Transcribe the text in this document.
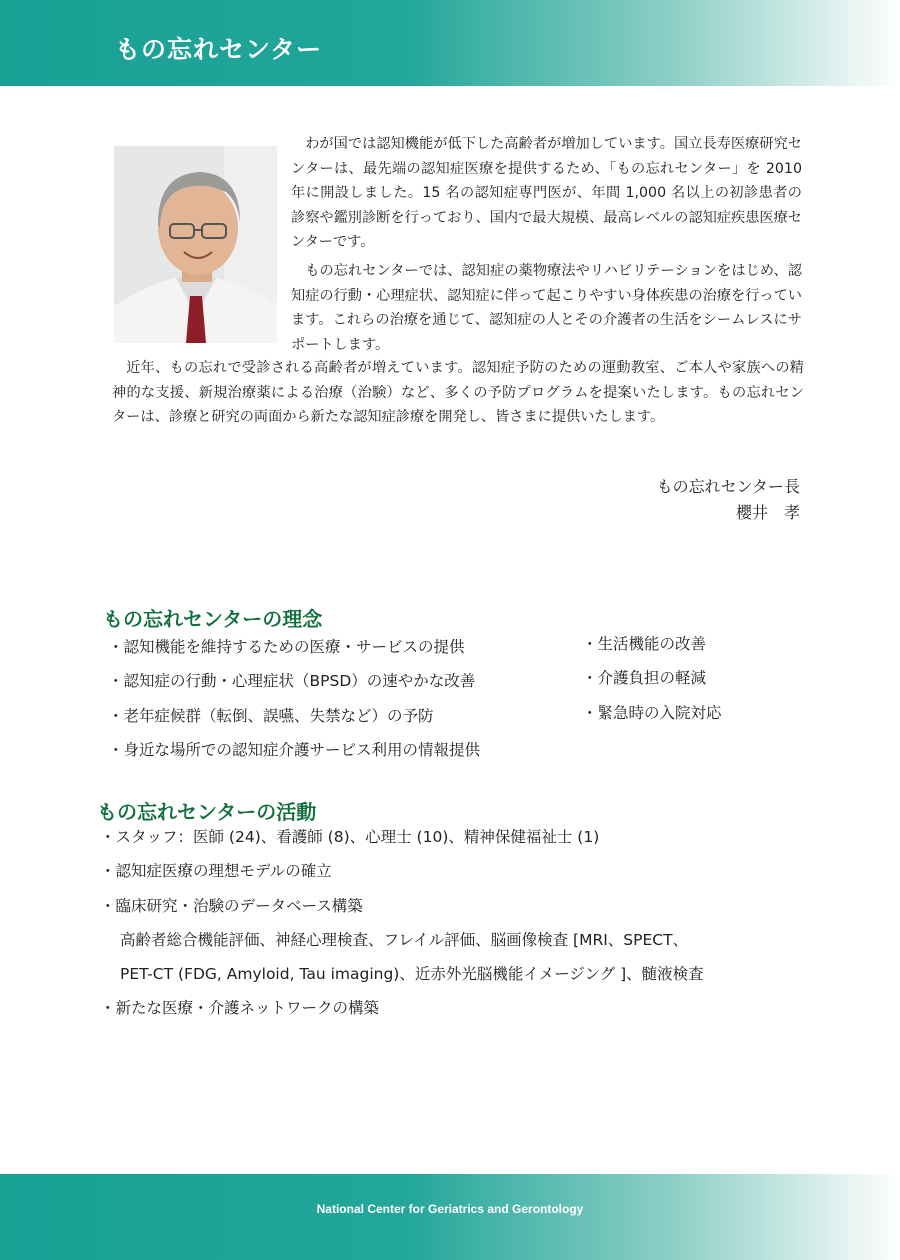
もの忘れセンター

わが国では認知機能が低下した高齢者が増加しています。国立長寿医療研究センターは、最先端の認知症医療を提供するため、「もの忘れセンター」を 2010 年に開設しました。15 名の認知症専門医が、年間 1,000 名以上の初診患者の診察や鑑別診断を行っており、国内で最大規模、最高レベルの認知症疾患医療センターです。

もの忘れセンターでは、認知症の薬物療法やリハビリテーションをはじめ、認知症の行動・心理症状、認知症に伴って起こりやすい身体疾患の治療を行っています。これらの治療を通じて、認知症の人とその介護者の生活をシームレスにサポートします。

近年、もの忘れで受診される高齢者が増えています。認知症予防のための運動教室、ご本人や家族への精神的な支援、新規治療薬による治療（治験）など、多くの予防プログラムを提案いたします。もの忘れセンターは、診療と研究の両面から新たな認知症診療を開発し、皆さまに提供いたします。

もの忘れセンター長
櫻井　孝
もの忘れセンターの理念
・認知機能を維持するための医療・サービスの提供
・認知症の行動・心理症状（BPSD）の速やかな改善
・老年症候群（転倒、誤嚥、失禁など）の予防
・身近な場所での認知症介護サービス利用の情報提供
・生活機能の改善
・介護負担の軽減
・緊急時の入院対応
もの忘れセンターの活動
・スタッフ：医師 (24)、看護師 (8)、心理士 (10)、精神保健福祉士 (1)
・認知症医療の理想モデルの確立
・臨床研究・治験のデータベース構築
高齢者総合機能評価、神経心理検査、フレイル評価、脳画像検査 [MRI、SPECT、
PET-CT (FDG, Amyloid, Tau imaging)、近赤外光脳機能イメージング ]、髄液検査
・新たな医療・介護ネットワークの構築
National Center for Geriatrics and Gerontology
